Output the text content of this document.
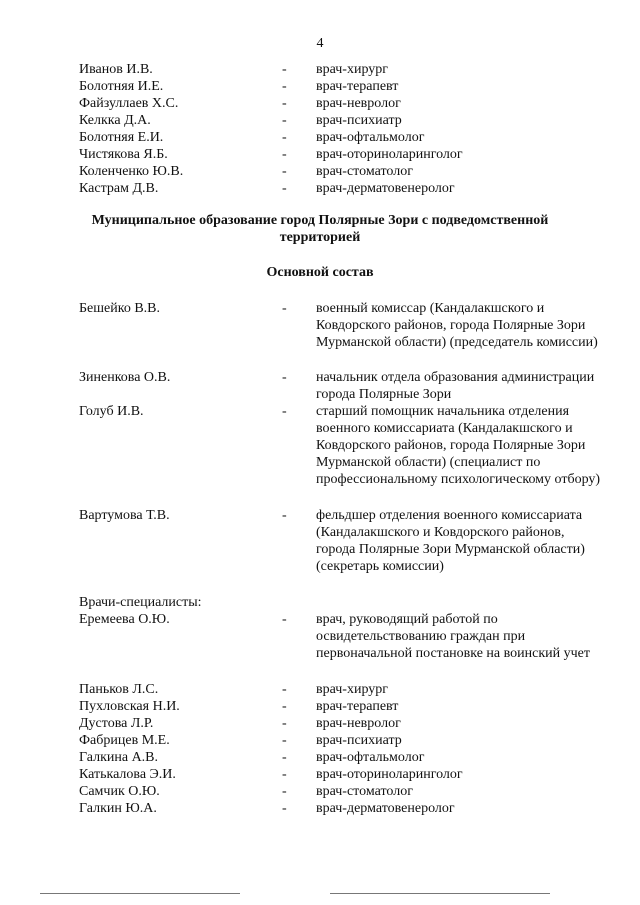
4
Иванов И.В.	- врач-хирург
Болотняя И.Е.	- врач-терапевт
Файзуллаев Х.С.	- врач-невролог
Келкка Д.А.	- врач-психиатр
Болотняя Е.И.	- врач-офтальмолог
Чистякова Я.Б.	- врач-оториноларинголог
Коленченко Ю.В.	- врач-стоматолог
Кастрам Д.В.	- врач-дерматовенеролог
Муниципальное образование город Полярные Зори с подведомственной территорией
Основной состав
Бешейко В.В.	- военный комиссар (Кандалакшского и Ковдорского районов, города Полярные Зори Мурманской области) (председатель комиссии)
Зиненкова О.В.	- начальник отдела образования администрации города Полярные Зори
Голуб И.В.	- старший помощник начальника отделения военного комиссариата (Кандалакшского и Ковдорского районов, города Полярные Зори Мурманской области) (специалист по профессиональному психологическому отбору)
Вартумова Т.В.	- фельдшер отделения военного комиссариата (Кандалакшского и Ковдорского районов, города Полярные Зори Мурманской области) (секретарь комиссии)
Врачи-специалисты:
Еремеева О.Ю.	- врач, руководящий работой по освидетельствованию граждан при первоначальной постановке на воинский учет
Паньков Л.С.	- врач-хирург
Пухловская Н.И.	- врач-терапевт
Дустова Л.Р.	- врач-невролог
Фабрицев М.Е.	- врач-психиатр
Галкина А.В.	- врач-офтальмолог
Катькалова Э.И.	- врач-оториноларинголог
Самчик О.Ю.	- врач-стоматолог
Галкин Ю.А.	- врач-дерматовенеролог
